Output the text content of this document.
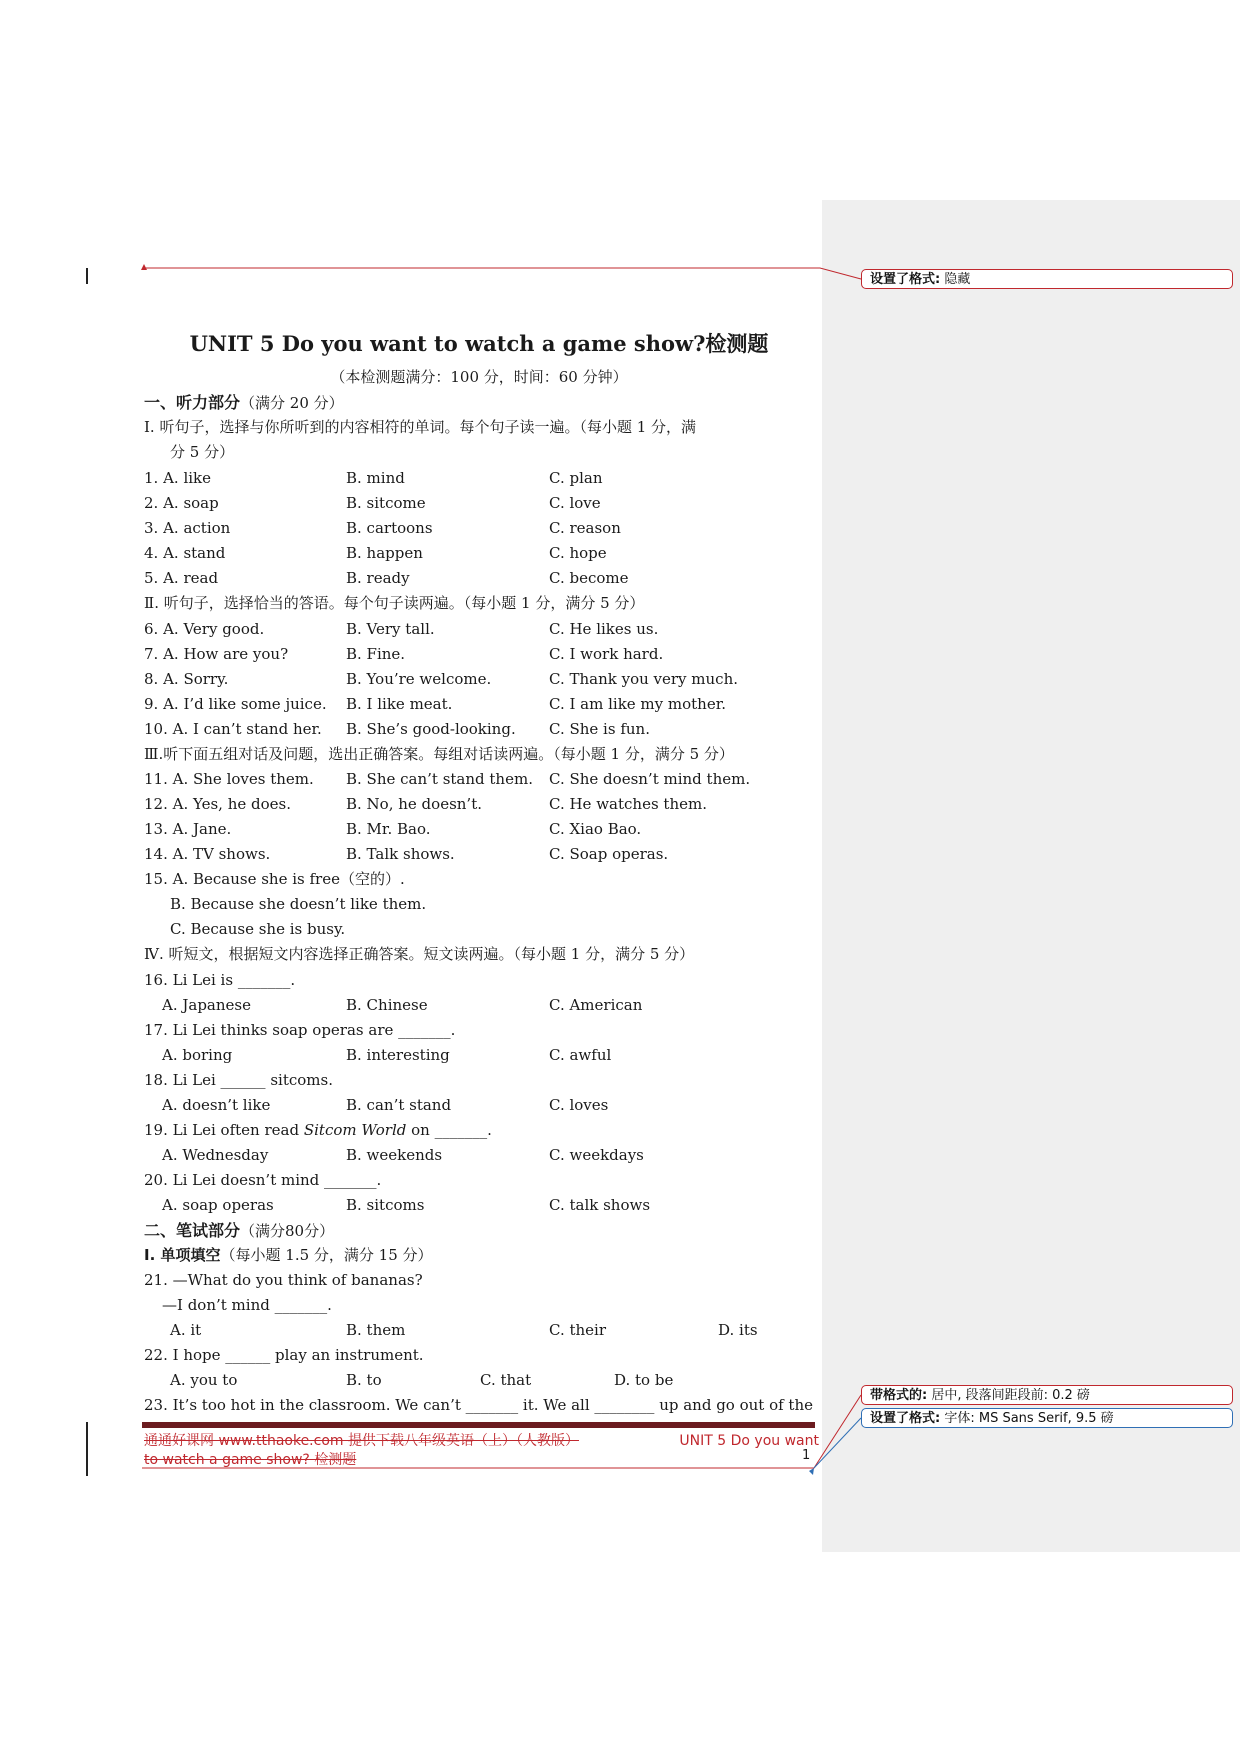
设置了格式: 隐藏
带格式的: 居中, 段落间距段前: 0.2 磅
设置了格式: 字体: MS Sans Serif, 9.5 磅
UNIT 5 Do you want to watch a game show?检测题
（本检测题满分：100 分，时间：60 分钟）
一、听力部分（满分 20 分）
Ⅰ. 听句子，选择与你所听到的内容相符的单词。每个句子读一遍。（每小题 1 分，满
分 5 分）
1. A. like	B. mind	C. plan
2. A. soap	B. sitcome	C. love
3. A. action	B. cartoons	C. reason
4. A. stand	B. happen	C. hope
5. A. read	B. ready	C. become
Ⅱ. 听句子，选择恰当的答语。每个句子读两遍。（每小题 1 分，满分 5 分）
6. A. Very good.	B. Very tall.	C. He likes us.
7. A. How are you?	B. Fine.	C. I work hard.
8. A. Sorry.	B. You’re welcome.	C. Thank you very much.
9. A. I’d like some juice. B. I like meat.	C. I am like my mother.
10. A. I can’t stand her. B. She’s good-looking. C. She is fun.
Ⅲ.听下面五组对话及问题，选出正确答案。每组对话读两遍。（每小题 1 分，满分 5 分）
11. A. She loves them. B. She can’t stand them. C. She doesn’t mind them.
12. A. Yes, he does.	B. No, he doesn’t.	C. He watches them.
13. A. Jane.	B. Mr. Bao.	C. Xiao Bao.
14. A. TV shows.	B. Talk shows.	C. Soap operas.
15. A. Because she is free（空的）.
B. Because she doesn’t like them.
C. Because she is busy.
Ⅳ. 听短文，根据短文内容选择正确答案。短文读两遍。（每小题 1 分，满分 5 分）
16. Li Lei is _______.
A. Japanese	B. Chinese	C. American
17. Li Lei thinks soap operas are _______.
A. boring	B. interesting	C. awful
18. Li Lei ______ sitcoms.
A. doesn’t like	B. can’t stand	C. loves
19. Li Lei often read Sitcom World on _______.
A. Wednesday	B. weekends	C. weekdays
20. Li Lei doesn’t mind _______.
A. soap operas	B. sitcoms	C. talk shows
二、笔试部分（满分80分）
Ⅰ. 单项填空（每小题 1.5 分，满分 15 分）
21. —What do you think of bananas?
—I don’t mind _______.
A. it	B. them	C. their	D. its
22. I hope ______ play an instrument.
A. you to	B. to	C. that	D. to be
23. It’s too hot in the classroom. We can’t _______ it. We all ________ up and go out of the
通通好课网 www.tthaoke.com 提供下载八年级英语（上）（人教版）	UNIT 5 Do you want
to watch a game show? 检测题	1
